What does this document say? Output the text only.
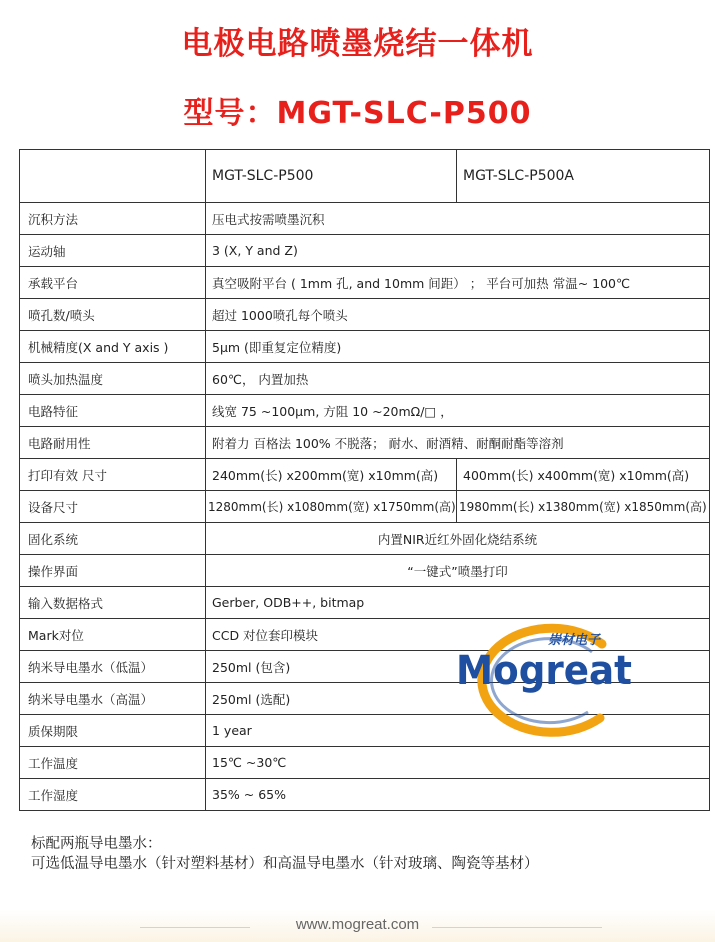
电极电路喷墨烧结一体机
型号：MGT-SLC-P500
	MGT-SLC-P500	MGT-SLC-P500A
沉积方法	压电式按需喷墨沉积	
运动轴	3 (X, Y and Z)	
承载平台	真空吸附平台 ( 1mm 孔, and 10mm 间距） ； 平台可加热 常温~ 100℃	
喷孔数/喷头	超过 1000喷孔每个喷头	
机械精度(X and Y axis )	5μm (即重复定位精度)	
喷头加热温度	60℃， 内置加热	
电路特征	线宽 75 ~100μm, 方阻 10 ~20mΩ/□ ，	
电路耐用性	附着力 百格法 100% 不脱落； 耐水、耐酒精、耐酮耐酯等溶剂	
打印有效 尺寸	240mm(长) x200mm(宽) x10mm(高)	400mm(长) x400mm(宽) x10mm(高)
设备尺寸	1280mm(长) x1080mm(宽) x1750mm(高)	1980mm(长) x1380mm(宽) x1850mm(高)
固化系统	内置NIR近红外固化烧结系统	
操作界面	“一键式”喷墨打印	
输入数据格式	Gerber, ODB++, bitmap	
Mark对位	CCD 对位套印模块	
纳米导电墨水（低温）	250ml (包含)	
纳米导电墨水（高温）	250ml (选配)	
质保期限	1 year	
工作温度	15℃ ~30℃	
工作湿度	35% ~ 65%	
崇材电子
Mogreat
标配两瓶导电墨水：
可选低温导电墨水（针对塑料基材）和高温导电墨水（针对玻璃、陶瓷等基材）
www.mogreat.com
